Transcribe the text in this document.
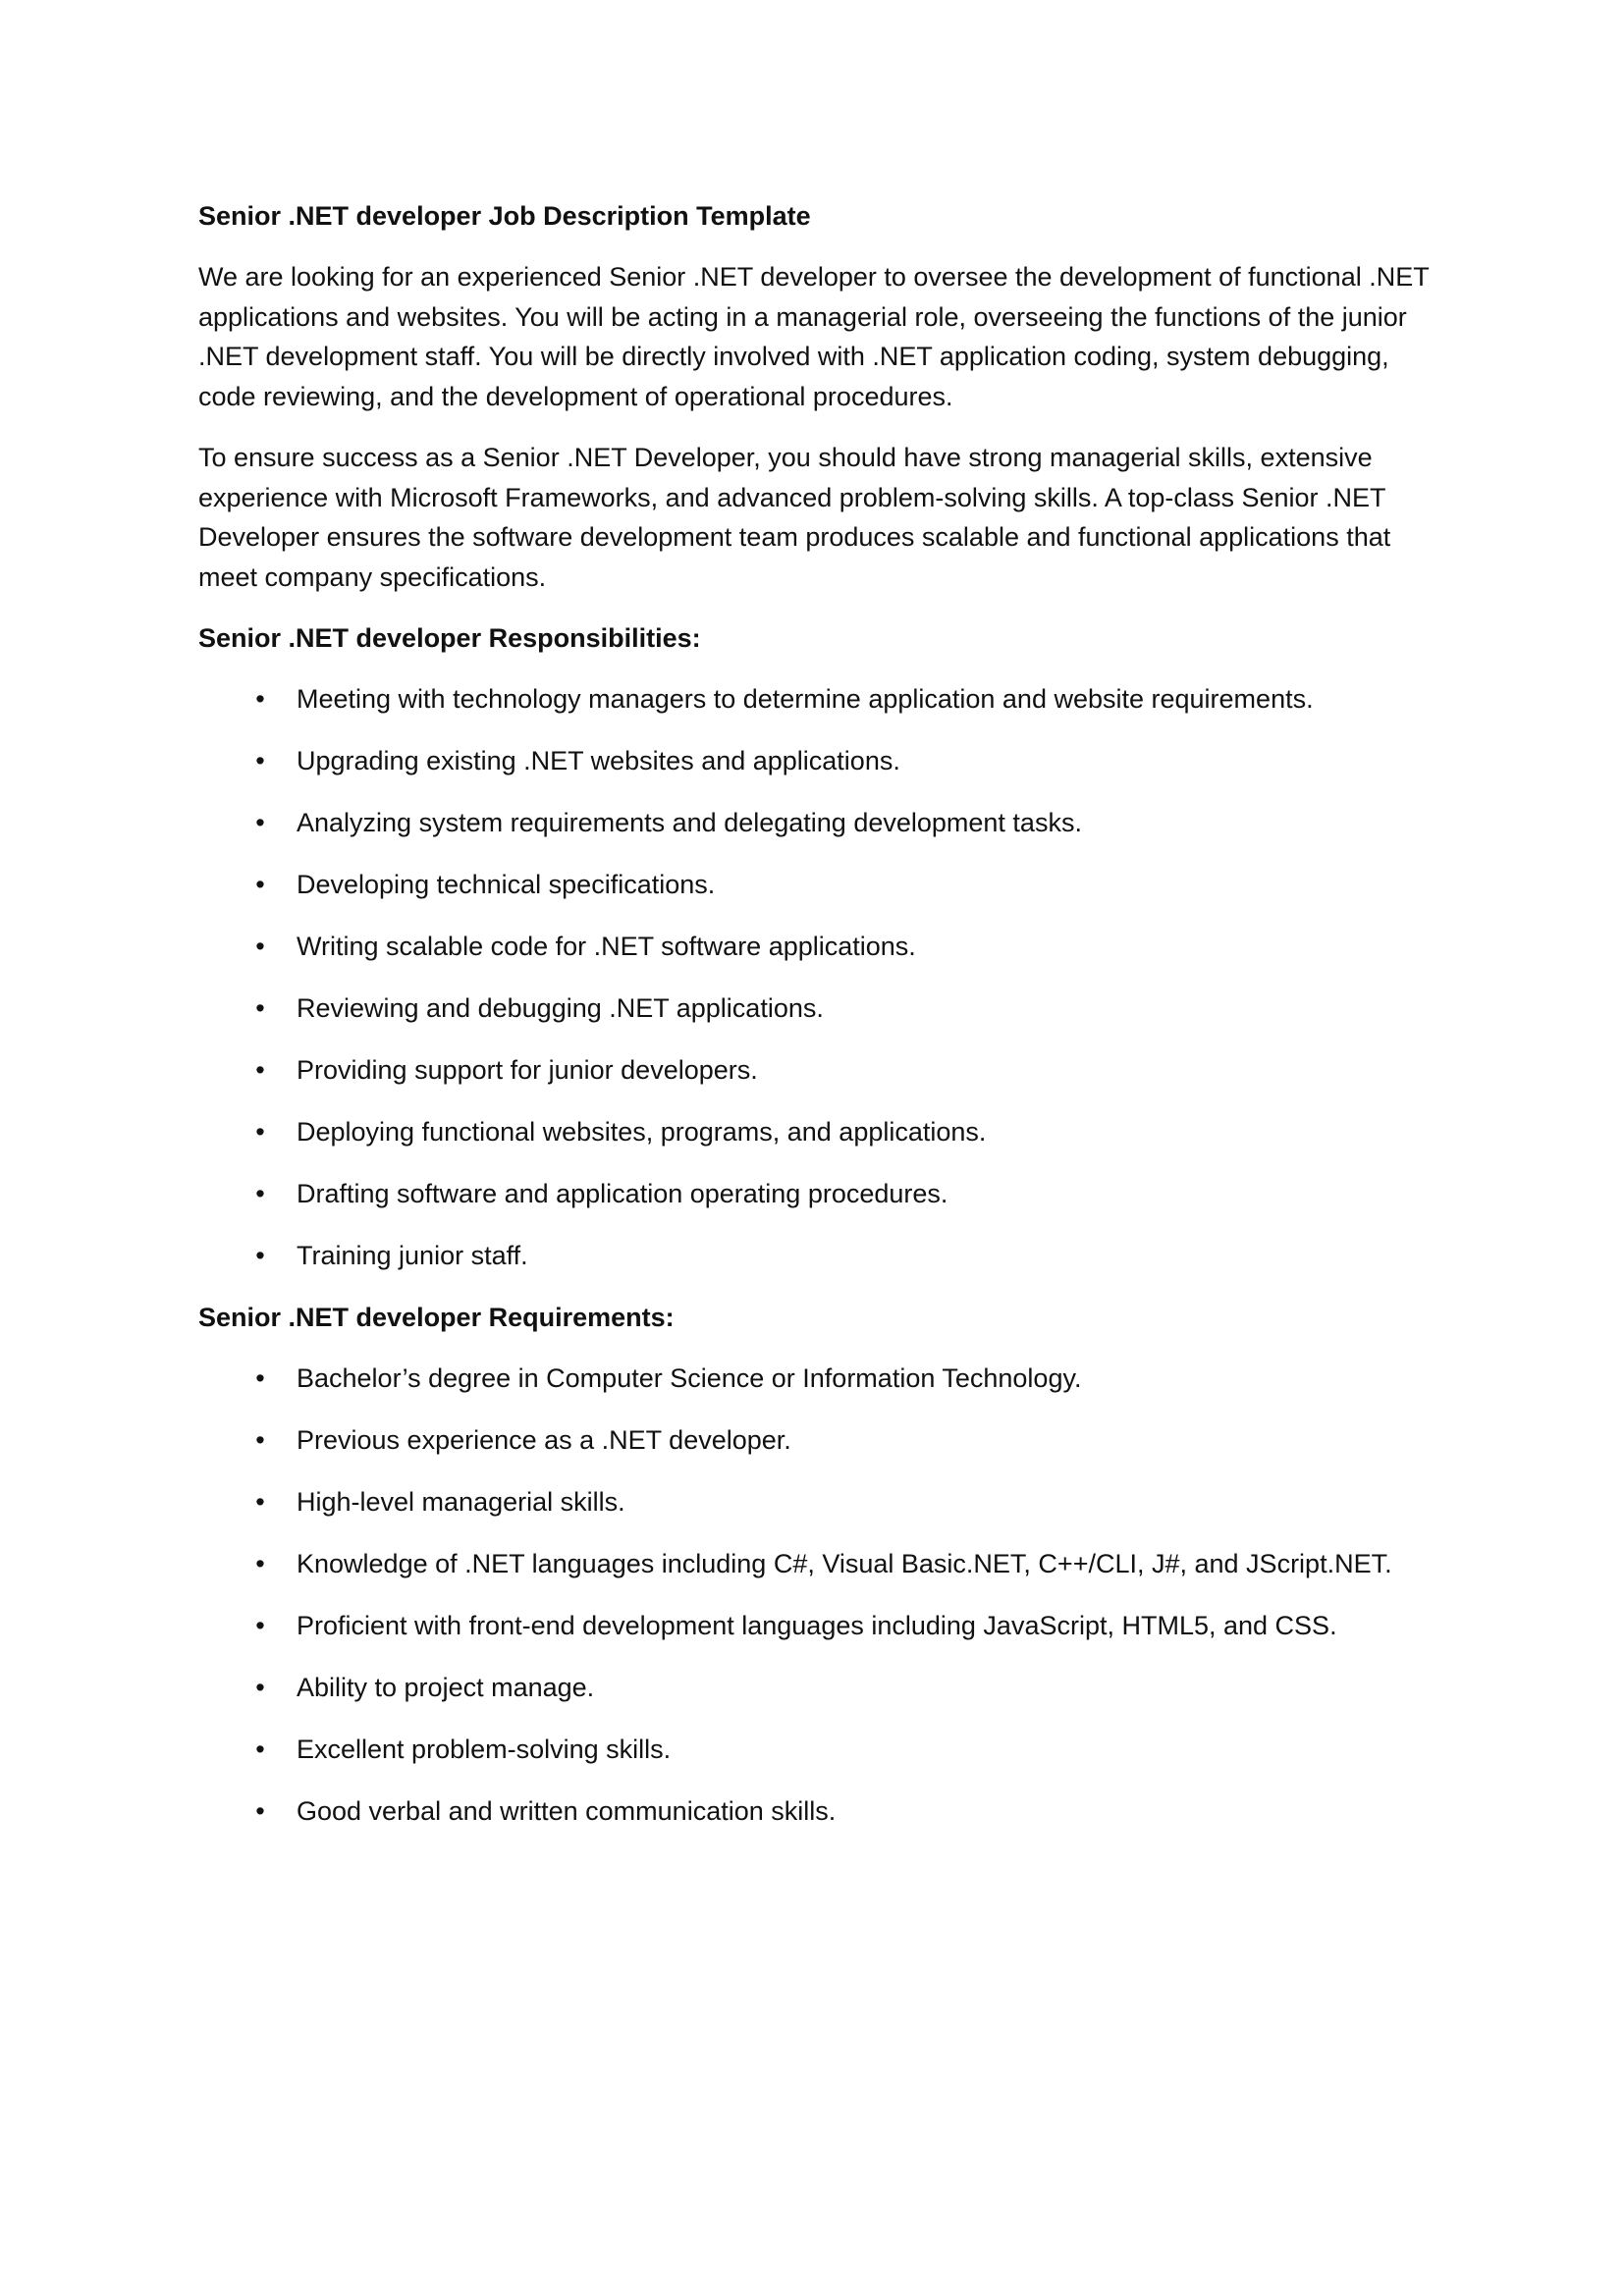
Senior .NET developer Job Description Template

We are looking for an experienced Senior .NET developer to oversee the development of functional .NET applications and websites. You will be acting in a managerial role, overseeing the functions of the junior .NET development staff. You will be directly involved with .NET application coding, system debugging, code reviewing, and the development of operational procedures.

To ensure success as a Senior .NET Developer, you should have strong managerial skills, extensive experience with Microsoft Frameworks, and advanced problem-solving skills. A top-class Senior .NET Developer ensures the software development team produces scalable and functional applications that meet company specifications.

Senior .NET developer Responsibilities:
• Meeting with technology managers to determine application and website requirements.
• Upgrading existing .NET websites and applications.
• Analyzing system requirements and delegating development tasks.
• Developing technical specifications.
• Writing scalable code for .NET software applications.
• Reviewing and debugging .NET applications.
• Providing support for junior developers.
• Deploying functional websites, programs, and applications.
• Drafting software and application operating procedures.
• Training junior staff.
Senior .NET developer Requirements:
• Bachelor’s degree in Computer Science or Information Technology.
• Previous experience as a .NET developer.
• High-level managerial skills.
• Knowledge of .NET languages including C#, Visual Basic.NET, C++/CLI, J#, and JScript.NET.
• Proficient with front-end development languages including JavaScript, HTML5, and CSS.
• Ability to project manage.
• Excellent problem-solving skills.
• Good verbal and written communication skills.
